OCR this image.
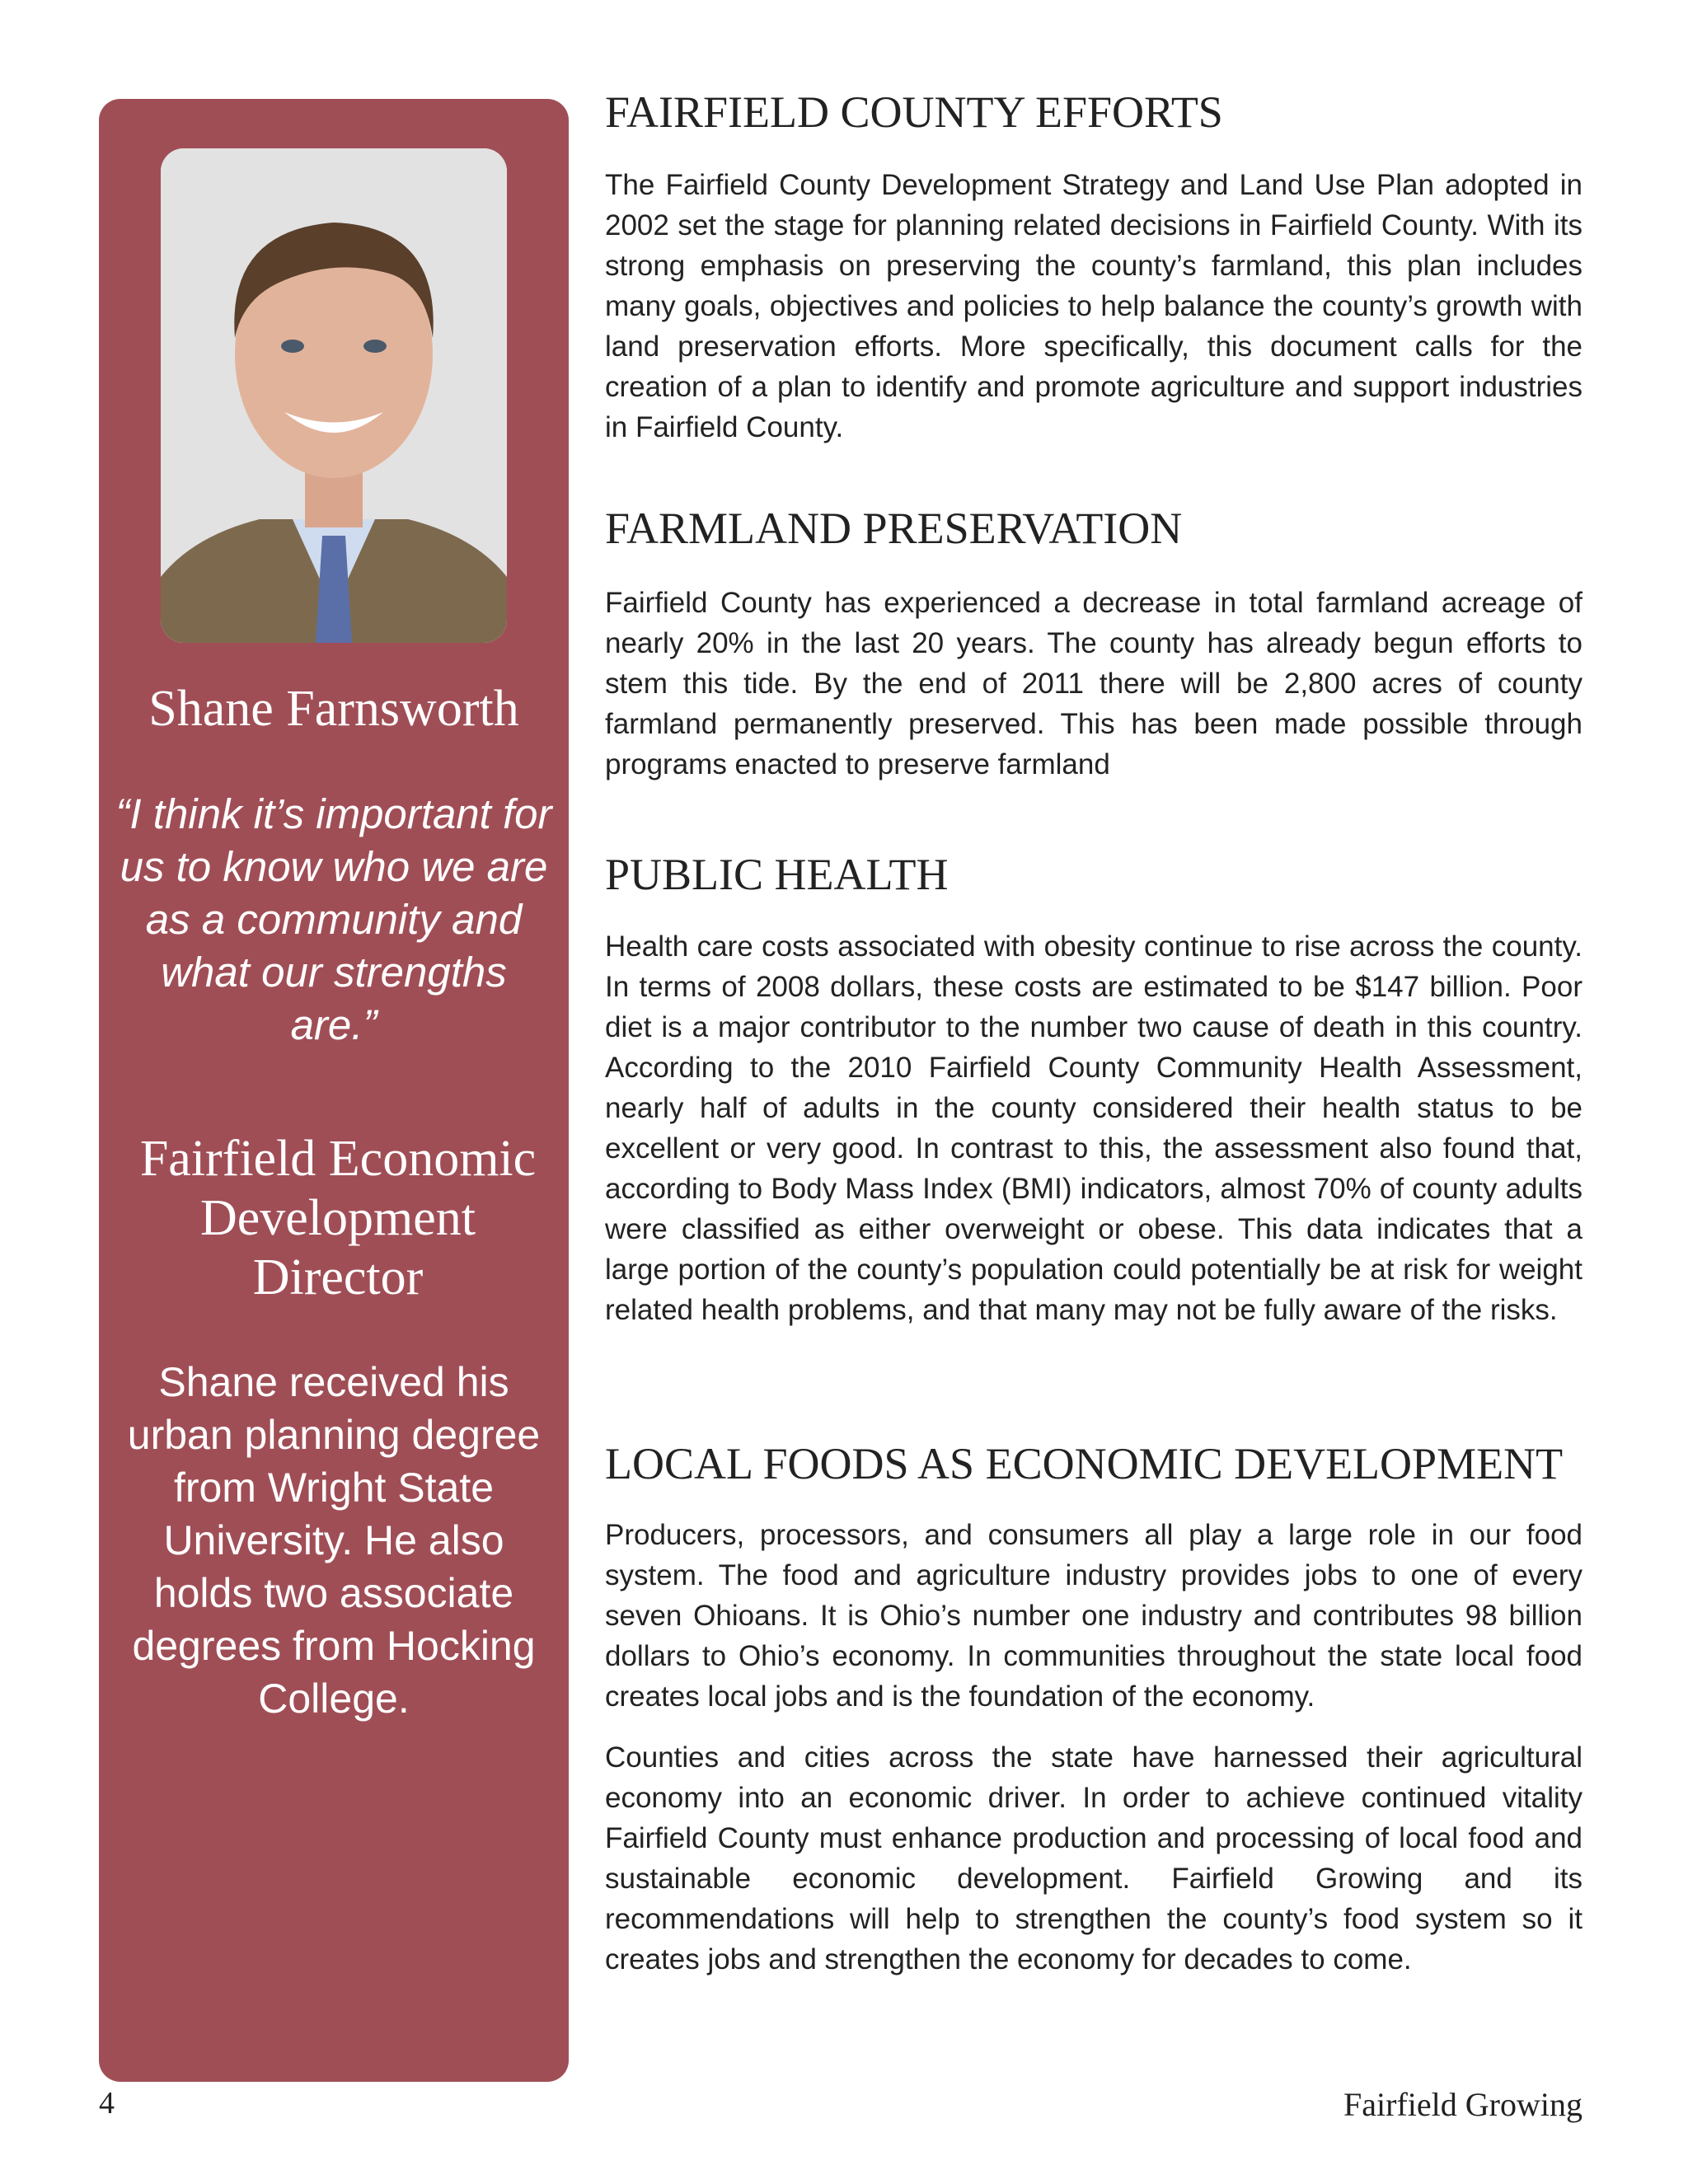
Shane Farnsworth
“I think it’s important for us to know who we are as a community and what our strengths are.”
Fairfield Economic Development Director
Shane received his urban planning degree from Wright State University. He also holds two associate degrees from Hocking College.
FAIRFIELD COUNTY EFFORTS

The Fairfield County Development Strategy and Land Use Plan adopted in 2002 set the stage for planning related decisions in Fairfield County. With its strong emphasis on preserving the county’s farmland, this plan includes many goals, objectives and policies to help balance the county’s growth with land preservation efforts. More specifically, this document calls for the creation of a plan to identify and promote agriculture and support industries in Fairfield County.

FARMLAND PRESERVATION

Fairfield County has experienced a decrease in total farmland acreage of nearly 20% in the last 20 years. The county has already begun efforts to stem this tide. By the end of 2011 there will be 2,800 acres of county farmland permanently preserved. This has been made possible through programs enacted to preserve farmland

PUBLIC HEALTH

Health care costs associated with obesity continue to rise across the county. In terms of 2008 dollars, these costs are estimated to be $147 billion. Poor diet is a major contributor to the number two cause of death in this country. According to the 2010 Fairfield County Community Health Assessment, nearly half of adults in the county considered their health status to be excellent or very good. In contrast to this, the assessment also found that, according to Body Mass Index (BMI) indicators, almost 70% of county adults were classified as either overweight or obese. This data indicates that a large portion of the county’s population could potentially be at risk for weight related health problems, and that many may not be fully aware of the risks.

LOCAL FOODS AS ECONOMIC DEVELOPMENT

Producers, processors, and consumers all play a large role in our food system. The food and agriculture industry provides jobs to one of every seven Ohioans. It is Ohio’s number one industry and contributes 98 billion dollars to Ohio’s economy. In communities throughout the state local food creates local jobs and is the foundation of the economy.

Counties and cities across the state have harnessed their agricultural economy into an economic driver. In order to achieve continued vitality Fairfield County must enhance production and processing of local food and sustainable economic development. Fairfield Growing and its recommendations will help to strengthen the county’s food system so it creates jobs and strengthen the economy for decades to come.

4	Fairfield Growing
